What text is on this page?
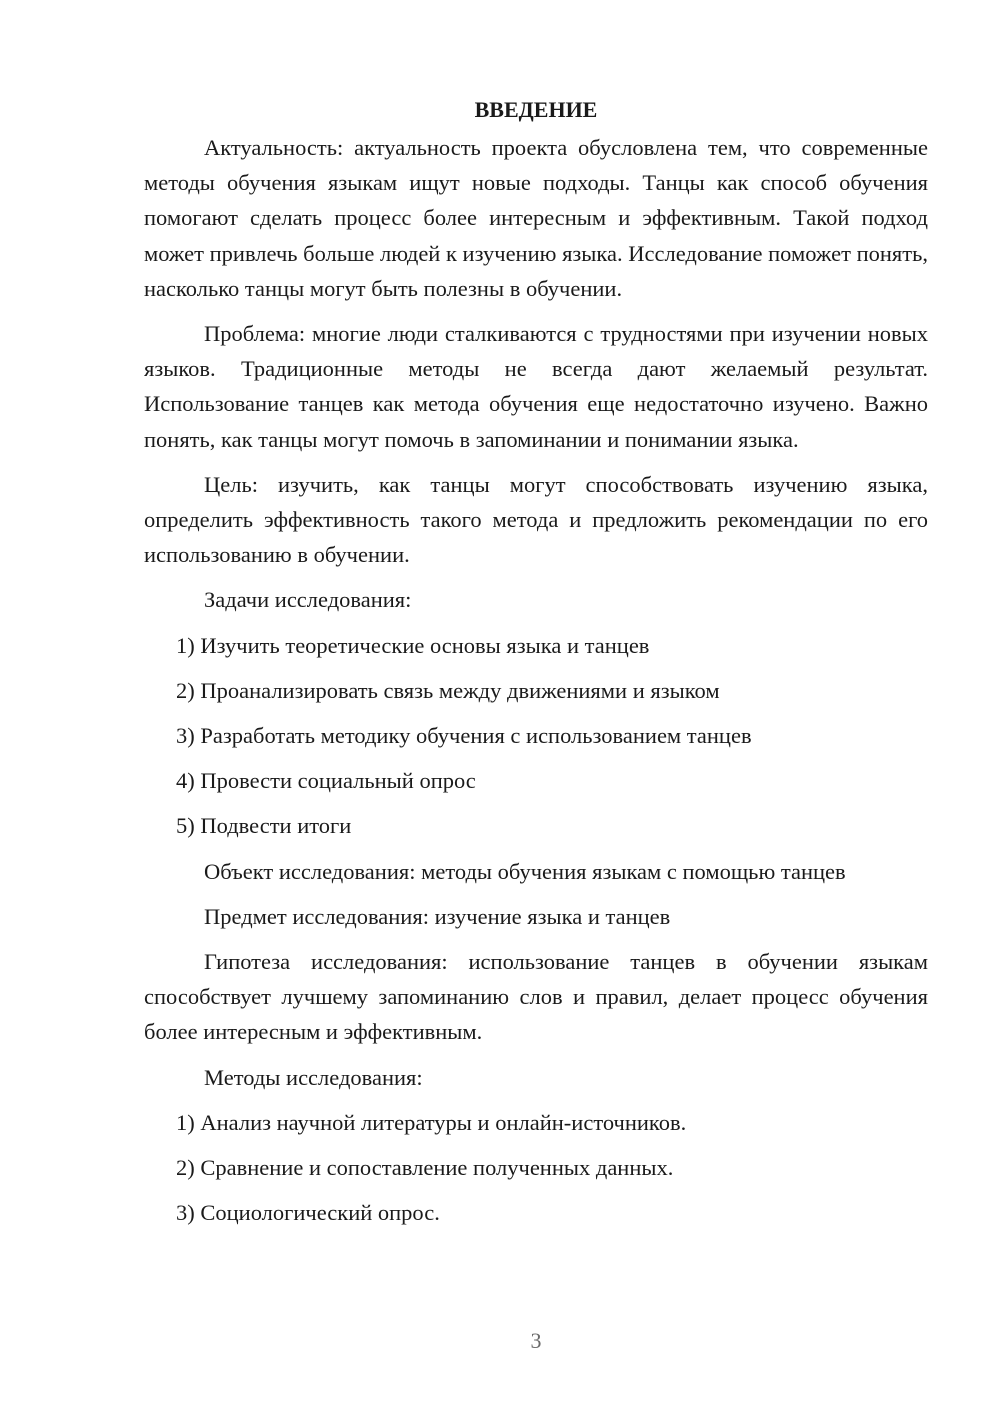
ВВЕДЕНИЕ

Актуальность: актуальность проекта обусловлена тем, что современные методы обучения языкам ищут новые подходы. Танцы как способ обучения помогают сделать процесс более интересным и эффективным. Такой подход может привлечь больше людей к изучению языка. Исследование поможет понять, насколько танцы могут быть полезны в обучении.

Проблема: многие люди сталкиваются с трудностями при изучении новых языков. Традиционные методы не всегда дают желаемый результат. Использование танцев как метода обучения еще недостаточно изучено. Важно понять, как танцы могут помочь в запоминании и понимании языка.

Цель: изучить, как танцы могут способствовать изучению языка, определить эффективность такого метода и предложить рекомендации по его использованию в обучении.

Задачи исследования:

1) Изучить теоретические основы языка и танцев

2) Проанализировать связь между движениями и языком

3) Разработать методику обучения с использованием танцев

4) Провести социальный опрос

5) Подвести итоги

Объект исследования: методы обучения языкам с помощью танцев

Предмет исследования: изучение языка и танцев

Гипотеза исследования: использование танцев в обучении языкам способствует лучшему запоминанию слов и правил, делает процесс обучения более интересным и эффективным.

Методы исследования:

1) Анализ научной литературы и онлайн-источников.

2) Сравнение и сопоставление полученных данных.

3) Социологический опрос.

3
